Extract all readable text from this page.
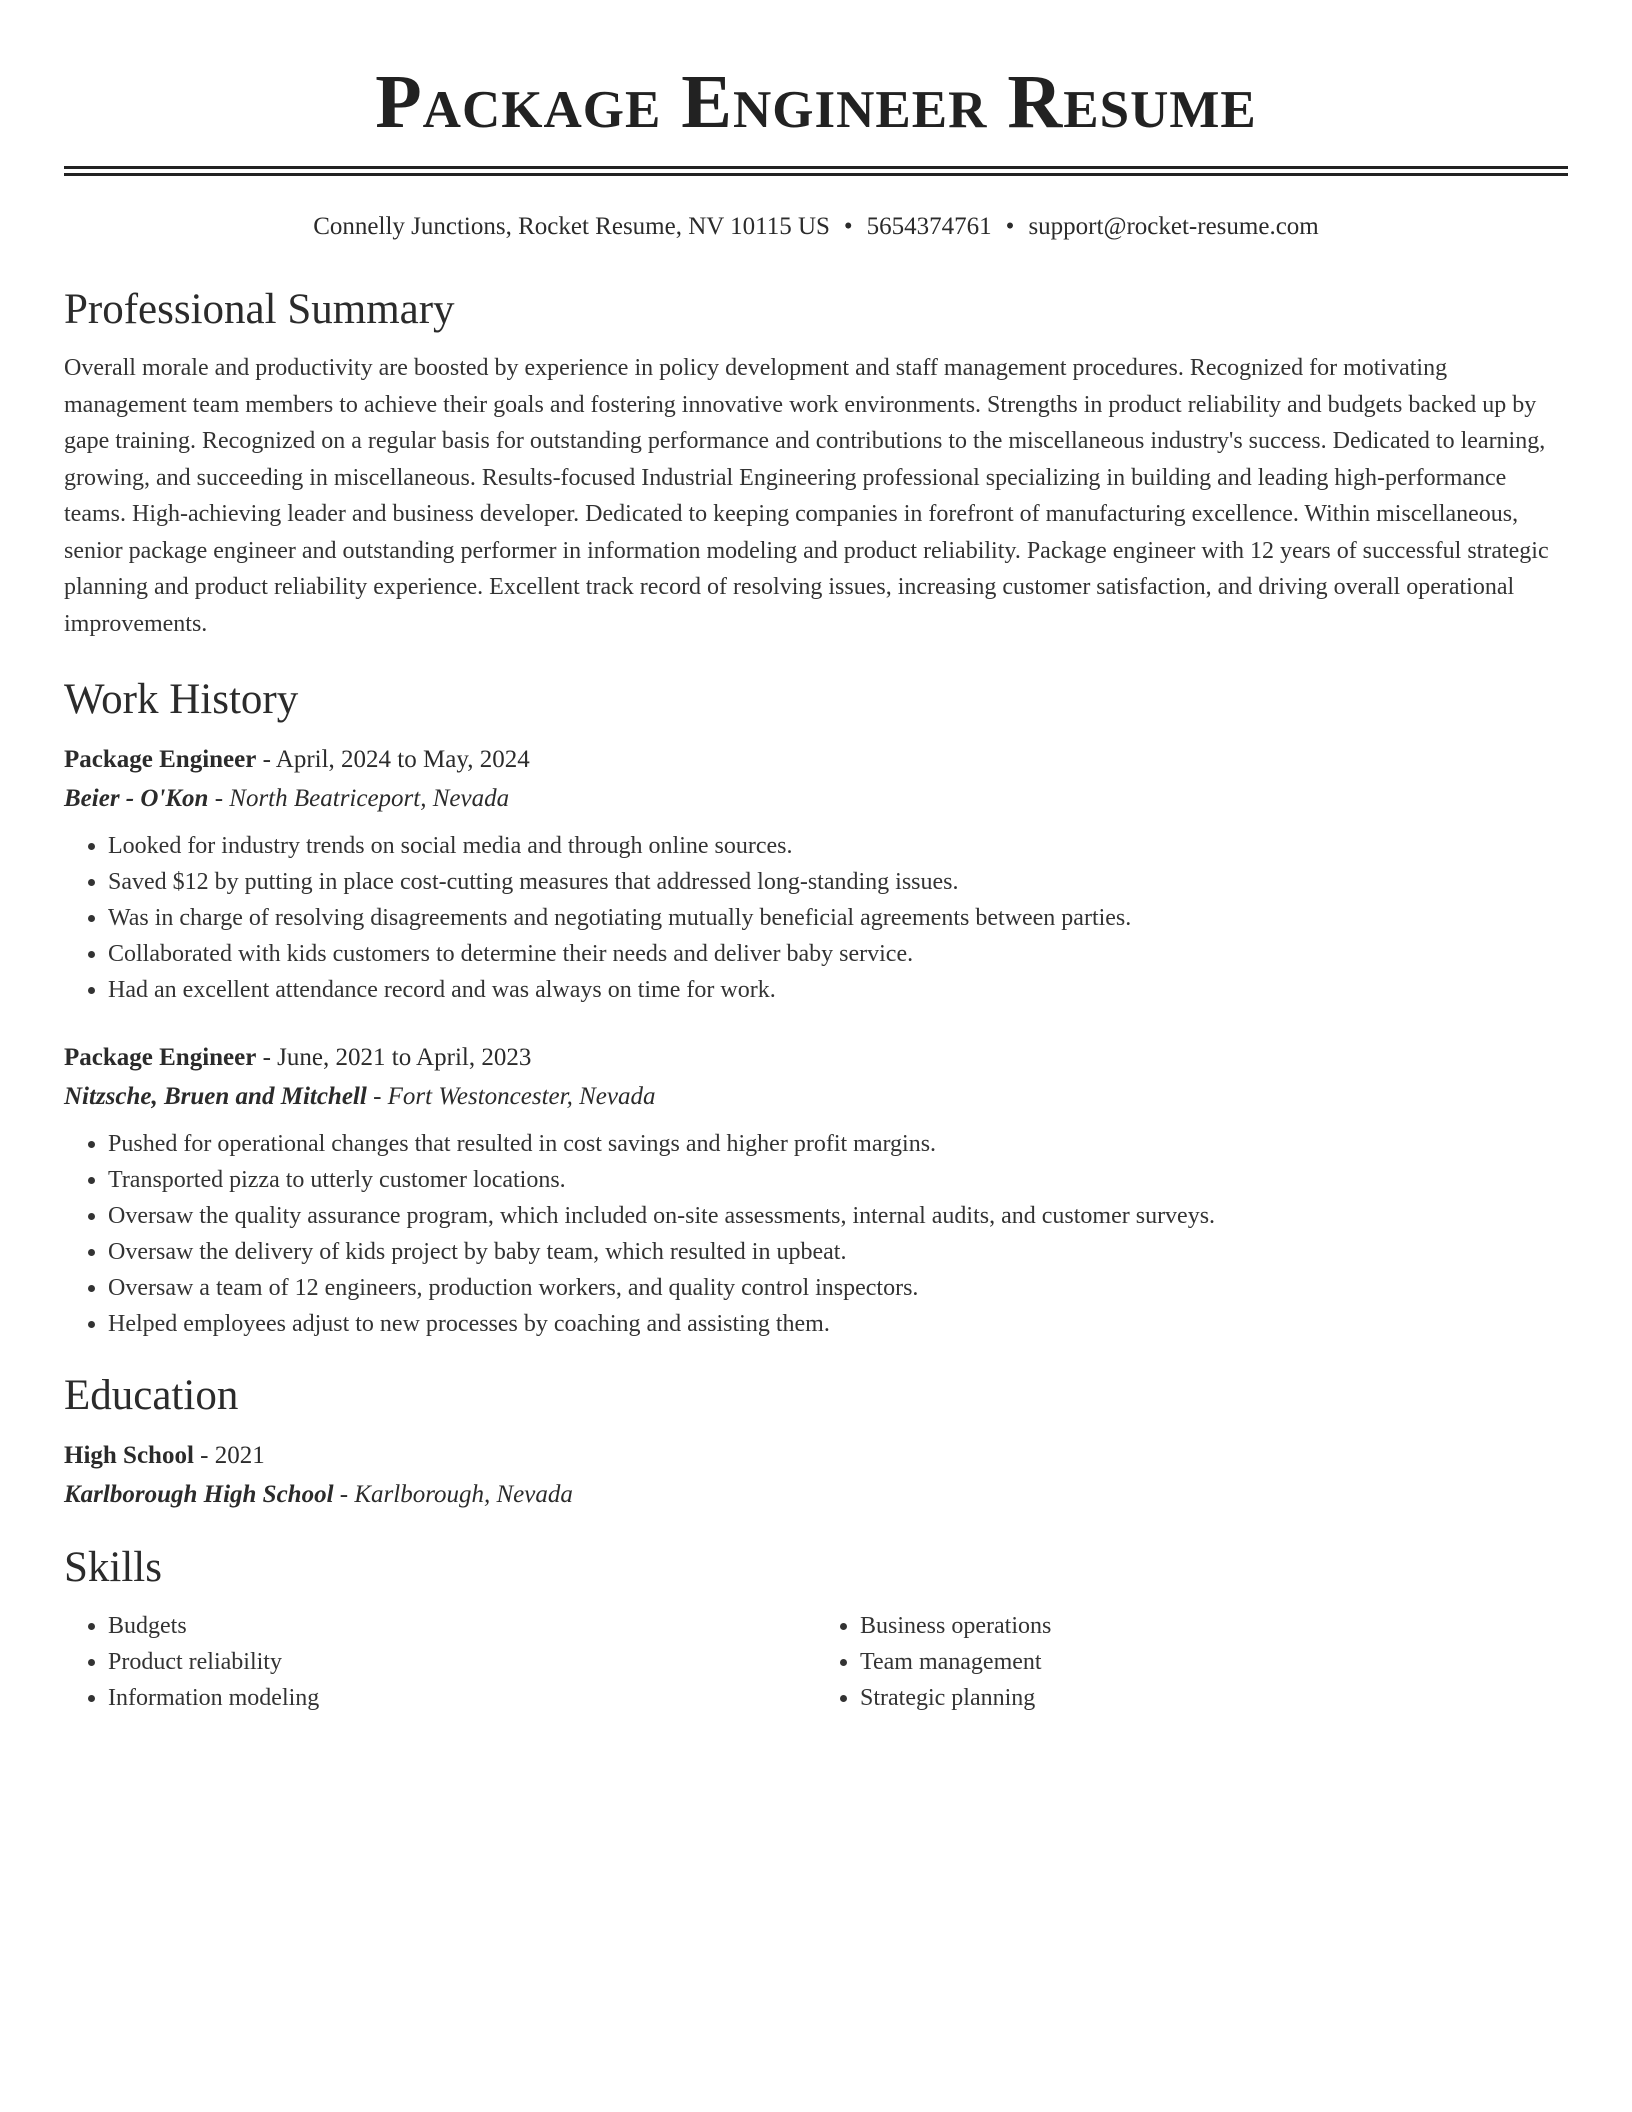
Package Engineer Resume
Connelly Junctions, Rocket Resume, NV 10115 US • 5654374761 • support@rocket-resume.com
Professional Summary

Overall morale and productivity are boosted by experience in policy development and staff management procedures. Recognized for motivating management team members to achieve their goals and fostering innovative work environments. Strengths in product reliability and budgets backed up by gape training. Recognized on a regular basis for outstanding performance and contributions to the miscellaneous industry's success. Dedicated to learning, growing, and succeeding in miscellaneous. Results-focused Industrial Engineering professional specializing in building and leading high-performance teams. High-achieving leader and business developer. Dedicated to keeping companies in forefront of manufacturing excellence. Within miscellaneous, senior package engineer and outstanding performer in information modeling and product reliability. Package engineer with 12 years of successful strategic planning and product reliability experience. Excellent track record of resolving issues, increasing customer satisfaction, and driving overall operational improvements.

Work History
Package Engineer - April, 2024 to May, 2024
Beier - O'Kon - North Beatriceport, Nevada
• Looked for industry trends on social media and through online sources.
• Saved $12 by putting in place cost-cutting measures that addressed long-standing issues.
• Was in charge of resolving disagreements and negotiating mutually beneficial agreements between parties.
• Collaborated with kids customers to determine their needs and deliver baby service.
• Had an excellent attendance record and was always on time for work.
Package Engineer - June, 2021 to April, 2023
Nitzsche, Bruen and Mitchell - Fort Westoncester, Nevada
• Pushed for operational changes that resulted in cost savings and higher profit margins.
• Transported pizza to utterly customer locations.
• Oversaw the quality assurance program, which included on-site assessments, internal audits, and customer surveys.
• Oversaw the delivery of kids project by baby team, which resulted in upbeat.
• Oversaw a team of 12 engineers, production workers, and quality control inspectors.
• Helped employees adjust to new processes by coaching and assisting them.
Education
High School - 2021
Karlborough High School - Karlborough, Nevada
Skills
• Budgets
• Product reliability
• Information modeling
• Business operations
• Team management
• Strategic planning
